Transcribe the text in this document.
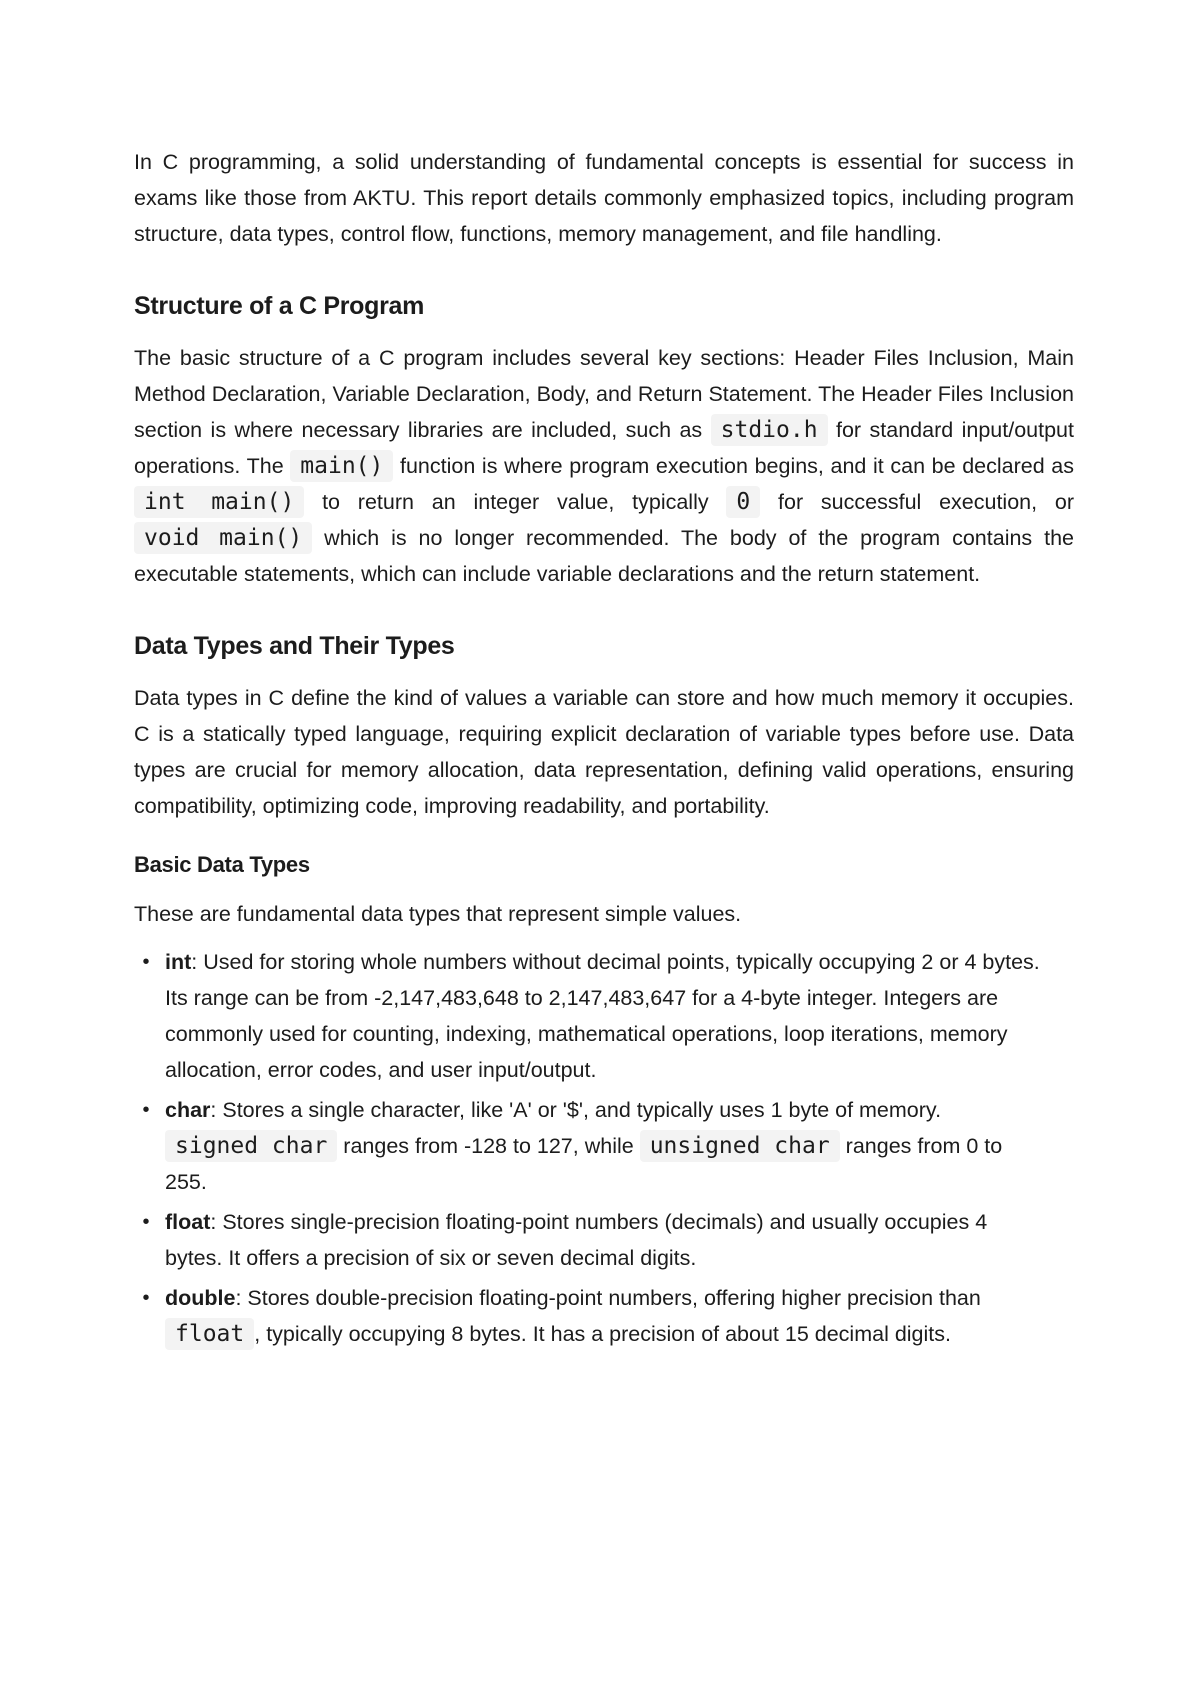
In C programming, a solid understanding of fundamental concepts is essential for success in exams like those from AKTU. This report details commonly emphasized topics, including program structure, data types, control flow, functions, memory management, and file handling.

Structure of a C Program

The basic structure of a C program includes several key sections: Header Files Inclusion, Main Method Declaration, Variable Declaration, Body, and Return Statement. The Header Files Inclusion section is where necessary libraries are included, such as stdio.h for standard input/output operations. The main() function is where program execution begins, and it can be declared as int main() to return an integer value, typically 0 for successful execution, or void main() which is no longer recommended. The body of the program contains the executable statements, which can include variable declarations and the return statement.

Data Types and Their Types

Data types in C define the kind of values a variable can store and how much memory it occupies. C is a statically typed language, requiring explicit declaration of variable types before use. Data types are crucial for memory allocation, data representation, defining valid operations, ensuring compatibility, optimizing code, improving readability, and portability.

Basic Data Types

These are fundamental data types that represent simple values.

• int: Used for storing whole numbers without decimal points, typically occupying 2 or 4 bytes. Its range can be from -2,147,483,648 to 2,147,483,647 for a 4-byte integer. Integers are commonly used for counting, indexing, mathematical operations, loop iterations, memory allocation, error codes, and user input/output.
• char: Stores a single character, like 'A' or '$', and typically uses 1 byte of memory. signed char ranges from -128 to 127, while unsigned char ranges from 0 to 255.
• float: Stores single-precision floating-point numbers (decimals) and usually occupies 4 bytes. It offers a precision of six or seven decimal digits.
• double: Stores double-precision floating-point numbers, offering higher precision than float , typically occupying 8 bytes. It has a precision of about 15 decimal digits.
